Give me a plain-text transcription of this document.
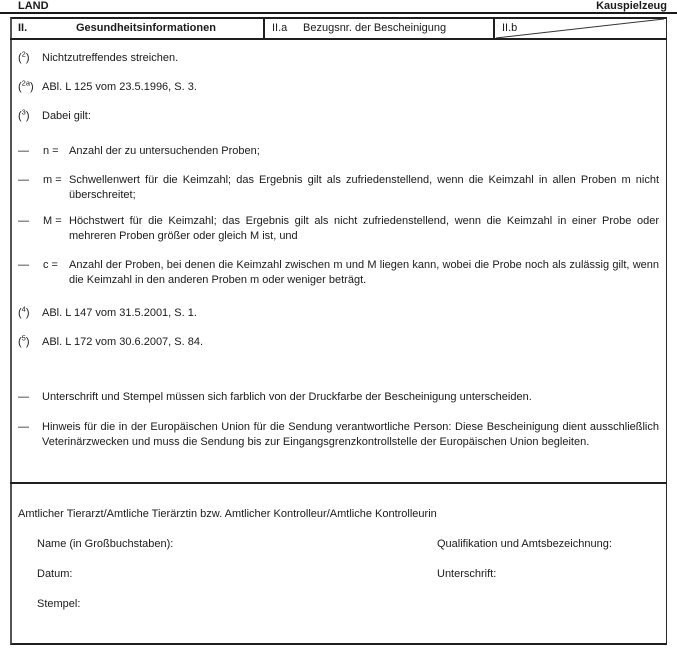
LAND	Kauspielzeug
II.	Gesundheitsinformationen	II.a Bezugsnr. der Bescheinigung	II.b
($^2$)	Nichtzutreffendes streichen.
($^{2a}$) ABl. L 125 vom 23.5.1996, S. 3.
($^3$)	Dabei gilt:
—	n = Anzahl der zu untersuchenden Proben;
—	m = Schwellenwert für die Keimzahl; das Ergebnis gilt als zufriedenstellend, wenn die Keimzahl in allen Proben m nicht überschreitet;
—	M = Höchstwert für die Keimzahl; das Ergebnis gilt als nicht zufriedenstellend, wenn die Keimzahl in einer Probe oder mehreren Proben größer oder gleich M ist, und
—	c =	Anzahl der Proben, bei denen die Keimzahl zwischen m und M liegen kann, wobei die Probe noch als zulässig gilt, wenn die Keimzahl in den anderen Proben m oder weniger beträgt.
($^4$)	ABl. L 147 vom 31.5.2001, S. 1.
($^5$)	ABl. L 172 vom 30.6.2007, S. 84.
—	Unterschrift und Stempel müssen sich farblich von der Druckfarbe der Bescheinigung unterscheiden.
—	Hinweis für die in der Europäischen Union für die Sendung verantwortliche Person: Diese Bescheinigung dient ausschließlich Veterinärzwecken und muss die Sendung bis zur Eingangsgrenzkontrollstelle der Europäischen Union begleiten.
Amtlicher Tierarzt/Amtliche Tierärztin bzw. Amtlicher Kontrolleur/Amtliche Kontrolleurin
Name (in Großbuchstaben):	Qualifikation und Amtsbezeichnung:
Datum:	Unterschrift:
Stempel:
